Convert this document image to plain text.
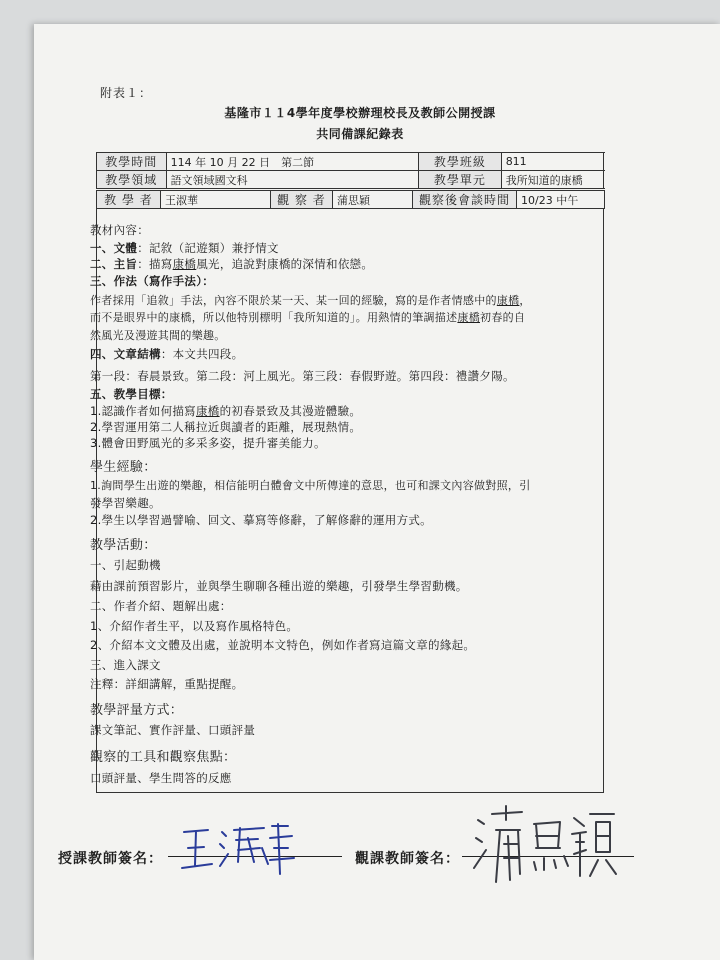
附表１：
基隆市１１4學年度學校辦理校長及教師公開授課
共同備課紀錄表
教學時間	114 年 10 月 22 日　第二節	教學班級	811
教學領域	語文領域國文科	教學單元	我所知道的康橋
教 學 者	王淑華	觀 察 者	蒲思穎	觀察後會談時間	10/23 中午
教材內容：
一、文體：記敘（記遊類）兼抒情文
二、主旨：描寫康橋風光，追說對康橋的深情和依戀。
三、作法（寫作手法）：
作者採用「追敘」手法，內容不限於某一天、某一回的經驗，寫的是作者情感中的康橋，
而不是眼界中的康橋，所以他特別標明「我所知道的」。用熱情的筆調描述康橋初春的自
然風光及漫遊其間的樂趣。
四、文章結構：本文共四段。
第一段：春晨景致。第二段：河上風光。第三段：春假野遊。第四段：禮讚夕陽。
五、教學目標：
1.認識作者如何描寫康橋的初春景致及其漫遊體驗。
2.學習運用第二人稱拉近與讀者的距離，展現熱情。
3.體會田野風光的多采多姿，提升審美能力。
學生經驗：
1.詢問學生出遊的樂趣，相信能明白體會文中所傳達的意思，也可和課文內容做對照，引
發學習樂趣。
2.學生以學習過譬喻、回文、摹寫等修辭，了解修辭的運用方式。
教學活動：
一、引起動機
藉由課前預習影片，並與學生聊聊各種出遊的樂趣，引發學生學習動機。
二、作者介紹、題解出處：
1、介紹作者生平，以及寫作風格特色。
2、介紹本文文體及出處，並說明本文特色，例如作者寫這篇文章的緣起。
三、進入課文
注釋：詳細講解，重點提醒。
教學評量方式：
課文筆記、實作評量、口頭評量
觀察的工具和觀察焦點：
口頭評量、學生問答的反應
授課教師簽名：	觀課教師簽名：
